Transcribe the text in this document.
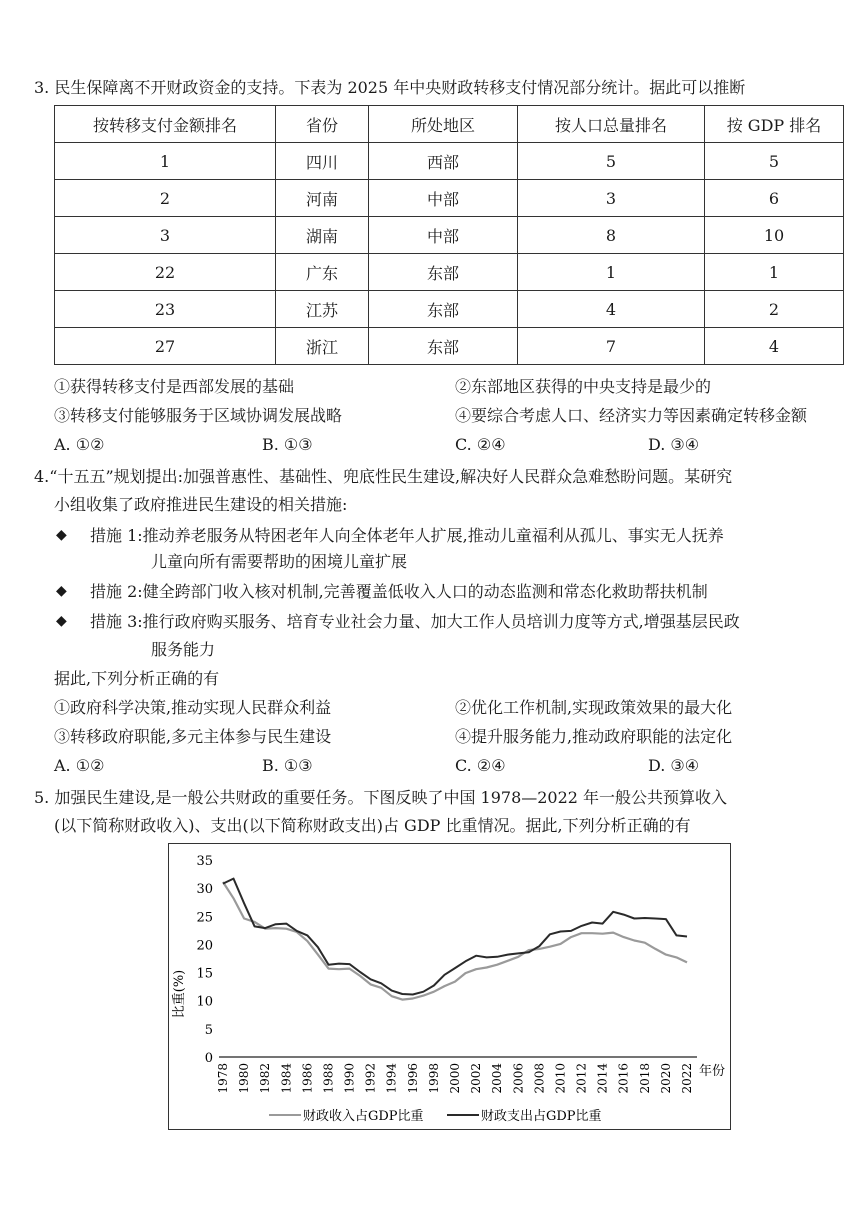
3. 民生保障离不开财政资金的支持。下表为 2025 年中央财政转移支付情况部分统计。据此可以推断
按转移支付金额排名	省份	所处地区	按人口总量排名	按 GDP 排名
1	四川	西部	5	5
2	河南	中部	3	6
3	湖南	中部	8	10
22	广东	东部	1	1
23	江苏	东部	4	2
27	浙江	东部	7	4
①获得转移支付是西部发展的基础	②东部地区获得的中央支持是最少的
③转移支付能够服务于区域协调发展战略	④要综合考虑人口、经济实力等因素确定转移金额
A. ①②	B. ①③	C. ②④	D. ③④
4.“十五五”规划提出:加强普惠性、基础性、兜底性民生建设,解决好人民群众急难愁盼问题。某研究
小组收集了政府推进民生建设的相关措施:
◆ 措施 1:推动养老服务从特困老年人向全体老年人扩展,推动儿童福利从孤儿、事实无人抚养
儿童向所有需要帮助的困境儿童扩展
◆ 措施 2:健全跨部门收入核对机制,完善覆盖低收入人口的动态监测和常态化救助帮扶机制
◆ 措施 3:推行政府购买服务、培育专业社会力量、加大工作人员培训力度等方式,增强基层民政
服务能力
据此,下列分析正确的有
①政府科学决策,推动实现人民群众利益	②优化工作机制,实现政策效果的最大化
③转移政府职能,多元主体参与民生建设	④提升服务能力,推动政府职能的法定化
A. ①②	B. ①③	C. ②④	D. ③④
5. 加强民生建设,是一般公共财政的重要任务。下图反映了中国 1978—2022 年一般公共预算收入
(以下简称财政收入)、支出(以下简称财政支出)占 GDP 比重情况。据此,下列分析正确的有
比重(%)
年份
财政收入占GDP比重	财政支出占GDP比重
0
5
10
15
20
25
30
35
1978 1980 1982 1984 1986 1988 1990 1992 1994 1996 1998 2000 2002 2004 2006 2008 2010 2012 2014 2016 2018 2020 2022
